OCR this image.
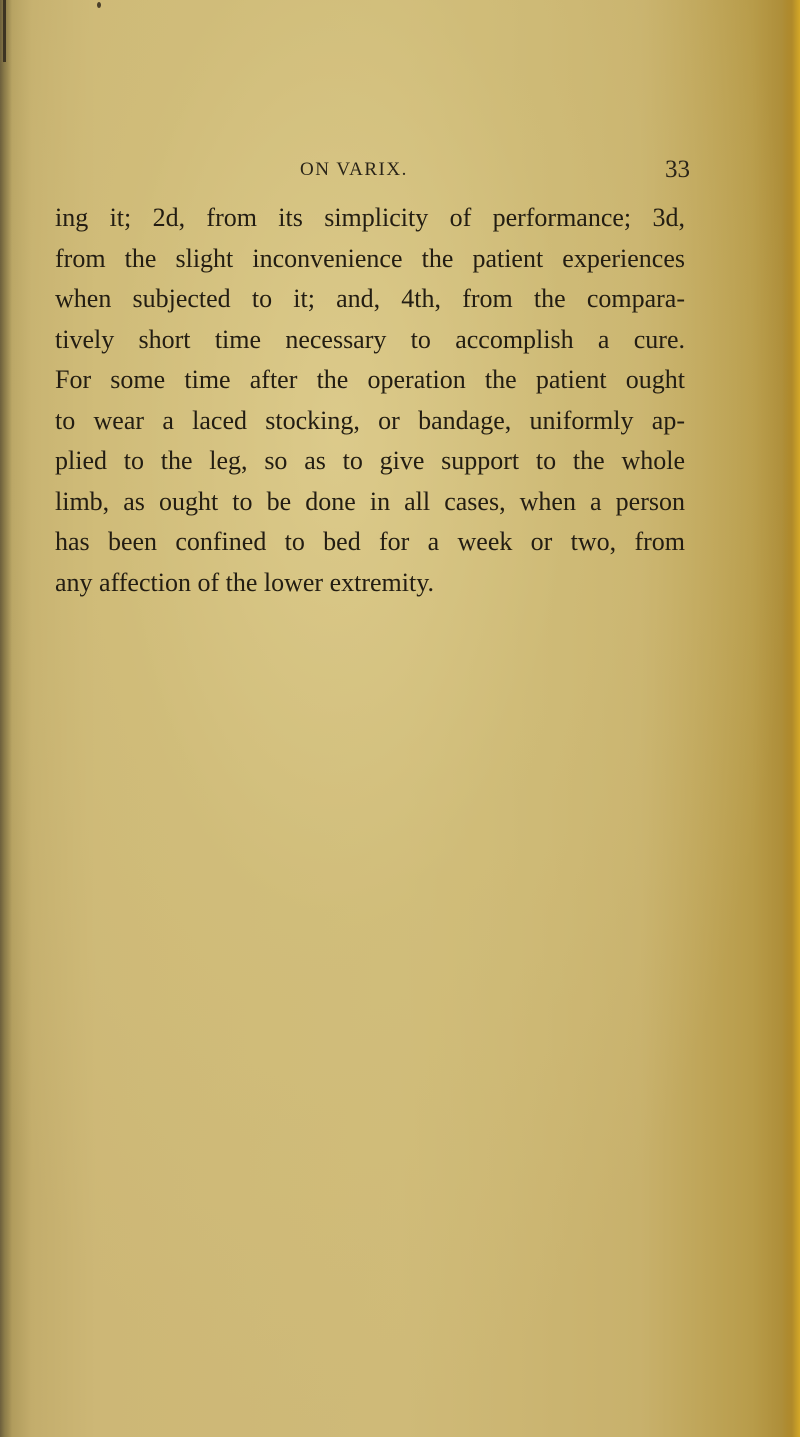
ON VARIX.	33
ing it; 2d, from its simplicity of performance; 3d,
from the slight inconvenience the patient experiences
when subjected to it; and, 4th, from the compara-
tively short time necessary to accomplish a cure.
For some time after the operation the patient ought
to wear a laced stocking, or bandage, uniformly ap-
plied to the leg, so as to give support to the whole
limb, as ought to be done in all cases, when a person
has been confined to bed for a week or two, from
any affection of the lower extremity.
